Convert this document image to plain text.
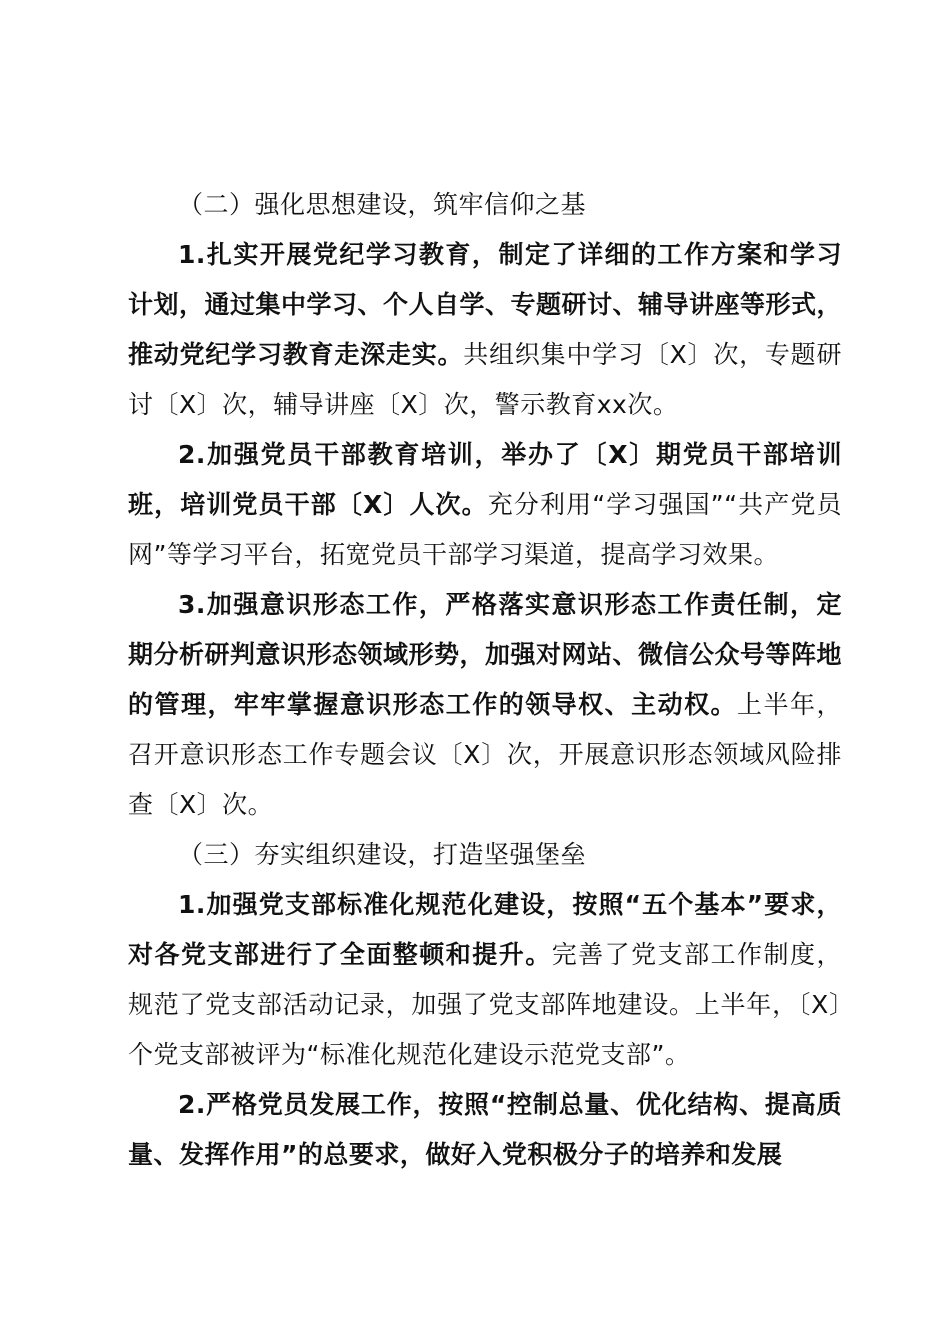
（二）强化思想建设，筑牢信仰之基

1.扎实开展党纪学习教育，制定了详细的工作方案和学习计划，通过集中学习、个人自学、专题研讨、辅导讲座等形式，推动党纪学习教育走深走实。共组织集中学习〔X〕次，专题研讨〔X〕次，辅导讲座〔X〕次，警示教育xx次。

2.加强党员干部教育培训，举办了〔X〕期党员干部培训班，培训党员干部〔X〕人次。充分利用“学习强国”“共产党员网”等学习平台，拓宽党员干部学习渠道，提高学习效果。

3.加强意识形态工作，严格落实意识形态工作责任制，定期分析研判意识形态领域形势，加强对网站、微信公众号等阵地的管理，牢牢掌握意识形态工作的领导权、主动权。上半年，召开意识形态工作专题会议〔X〕次，开展意识形态领域风险排查〔X〕次。

（三）夯实组织建设，打造坚强堡垒

1.加强党支部标准化规范化建设，按照“五个基本”要求，对各党支部进行了全面整顿和提升。完善了党支部工作制度，规范了党支部活动记录，加强了党支部阵地建设。上半年，〔X〕个党支部被评为“标准化规范化建设示范党支部”。

2.严格党员发展工作，按照“控制总量、优化结构、提高质量、发挥作用”的总要求，做好入党积极分子的培养和发展
